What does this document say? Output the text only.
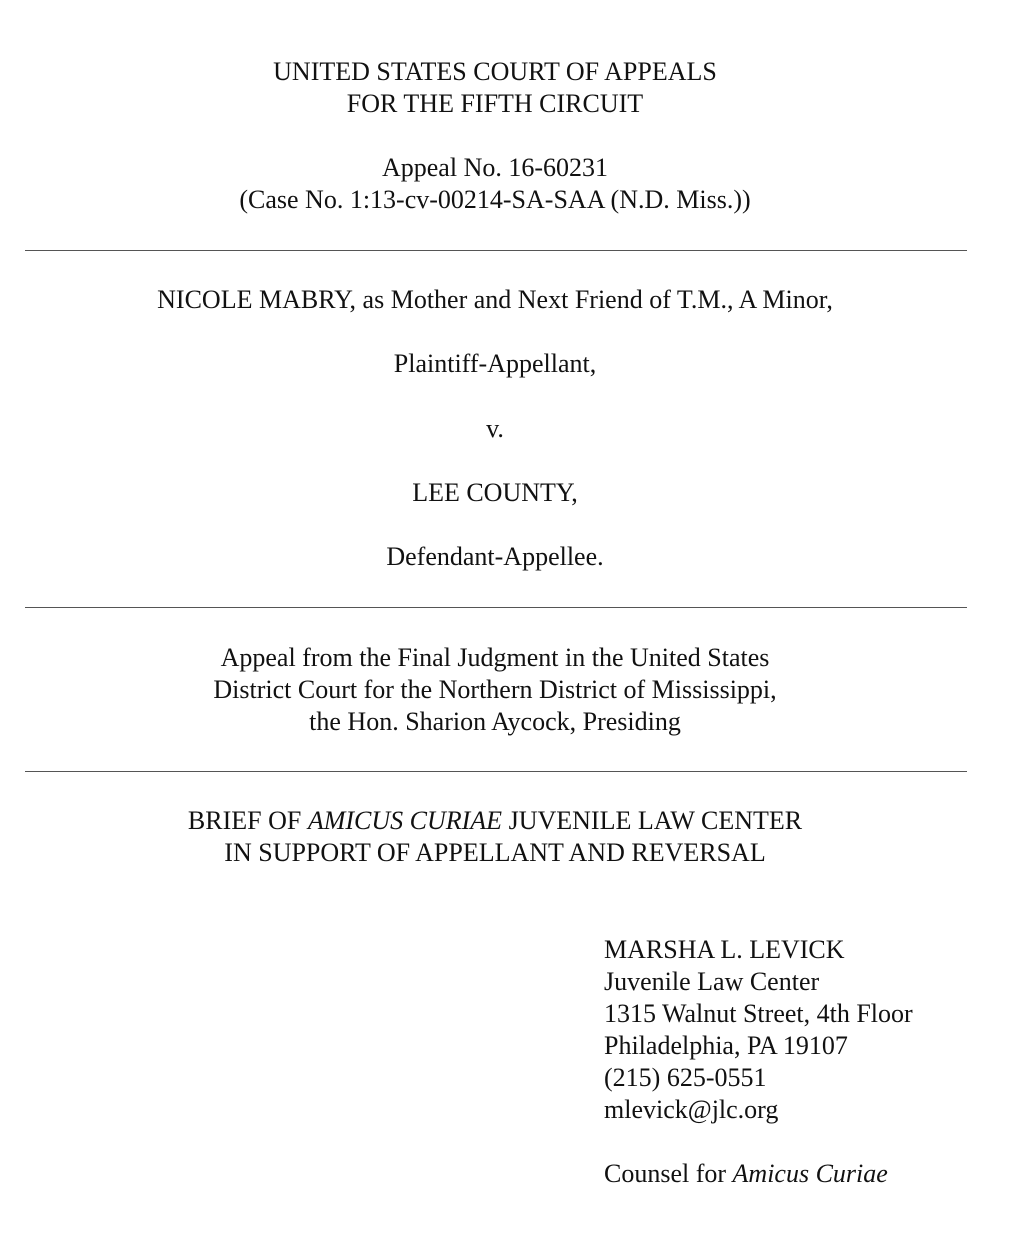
UNITED STATES COURT OF APPEALS
FOR THE FIFTH CIRCUIT
Appeal No. 16-60231
(Case No. 1:13-cv-00214-SA-SAA (N.D. Miss.))
NICOLE MABRY, as Mother and Next Friend of T.M., A Minor,
Plaintiff-Appellant,
v.
LEE COUNTY,
Defendant-Appellee.
Appeal from the Final Judgment in the United States
District Court for the Northern District of Mississippi,
the Hon. Sharion Aycock, Presiding
BRIEF OF AMICUS CURIAE JUVENILE LAW CENTER
IN SUPPORT OF APPELLANT AND REVERSAL
MARSHA L. LEVICK
Juvenile Law Center
1315 Walnut Street, 4th Floor
Philadelphia, PA 19107
(215) 625-0551
mlevick@jlc.org
Counsel for Amicus Curiae
